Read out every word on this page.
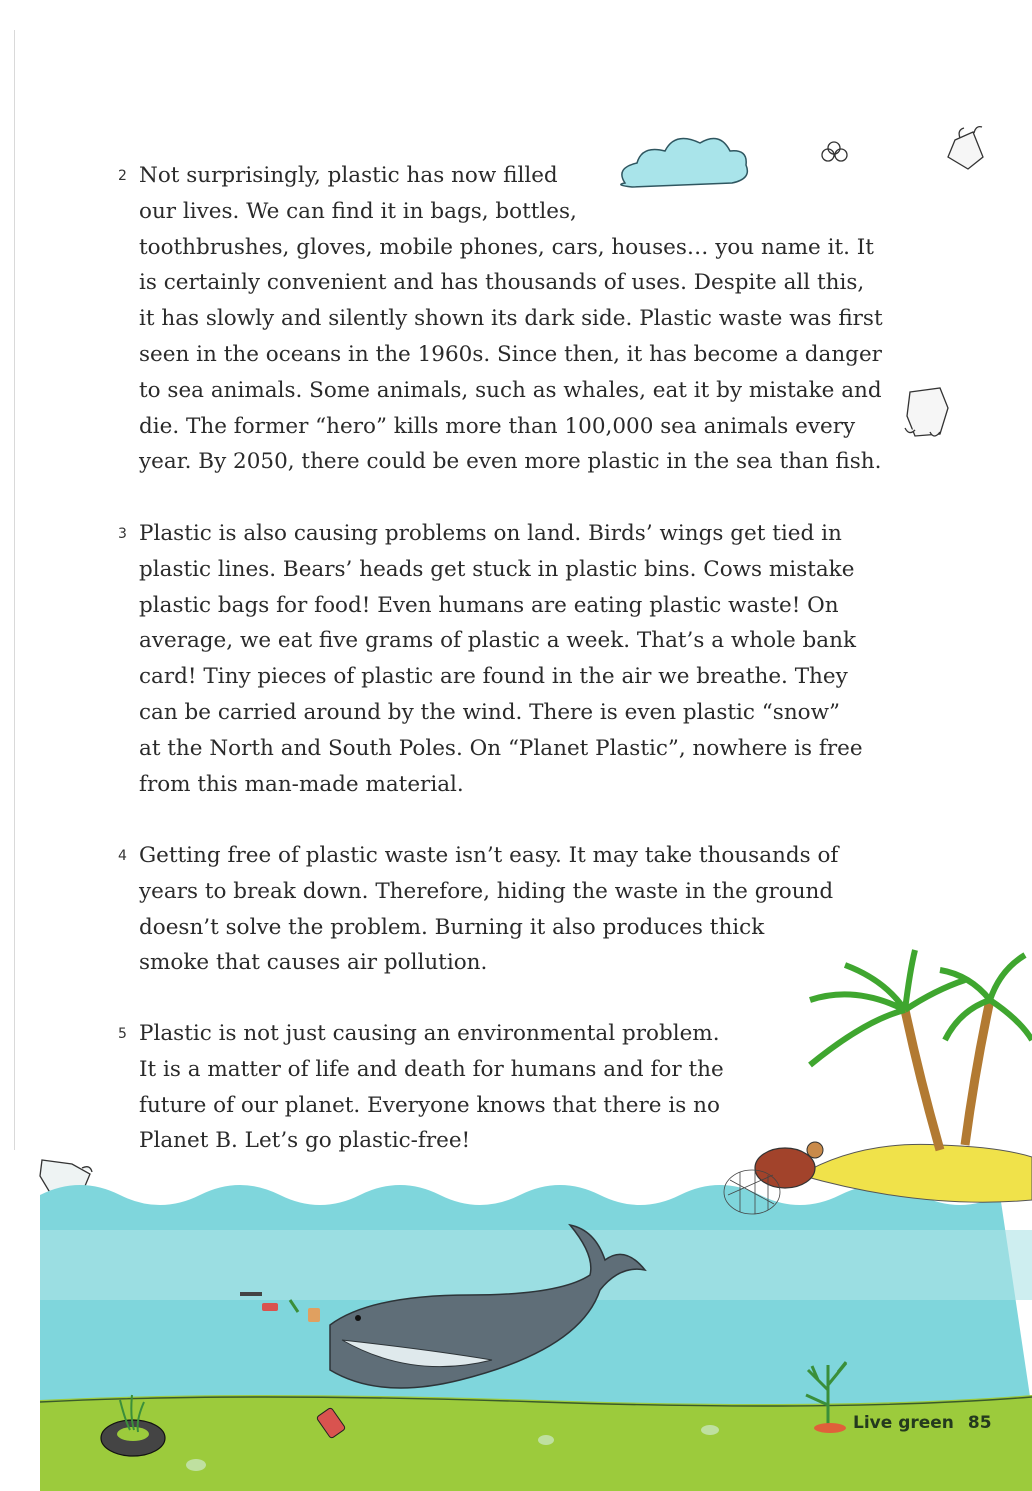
2 Not surprisingly, plastic has now filled
our lives. We can find it in bags, bottles,
toothbrushes, gloves, mobile phones, cars, houses… you name it. It
is certainly convenient and has thousands of uses. Despite all this,
it has slowly and silently shown its dark side. Plastic waste was first
seen in the oceans in the 1960s. Since then, it has become a danger
to sea animals. Some animals, such as whales, eat it by mistake and
die. The former “hero” kills more than 100,000 sea animals every
year. By 2050, there could be even more plastic in the sea than fish.
3 Plastic is also causing problems on land. Birds’ wings get tied in
plastic lines. Bears’ heads get stuck in plastic bins. Cows mistake
plastic bags for food! Even humans are eating plastic waste! On
average, we eat five grams of plastic a week. That’s a whole bank
card! Tiny pieces of plastic are found in the air we breathe. They
can be carried around by the wind. There is even plastic “snow”
at the North and South Poles. On “Planet Plastic”, nowhere is free
from this man-made material.
4 Getting free of plastic waste isn’t easy. It may take thousands of
years to break down. Therefore, hiding the waste in the ground
doesn’t solve the problem. Burning it also produces thick
smoke that causes air pollution.
5 Plastic is not just causing an environmental problem.
It is a matter of life and death for humans and for the
future of our planet. Everyone knows that there is no
Planet B. Let’s go plastic-free!
Live green 85
